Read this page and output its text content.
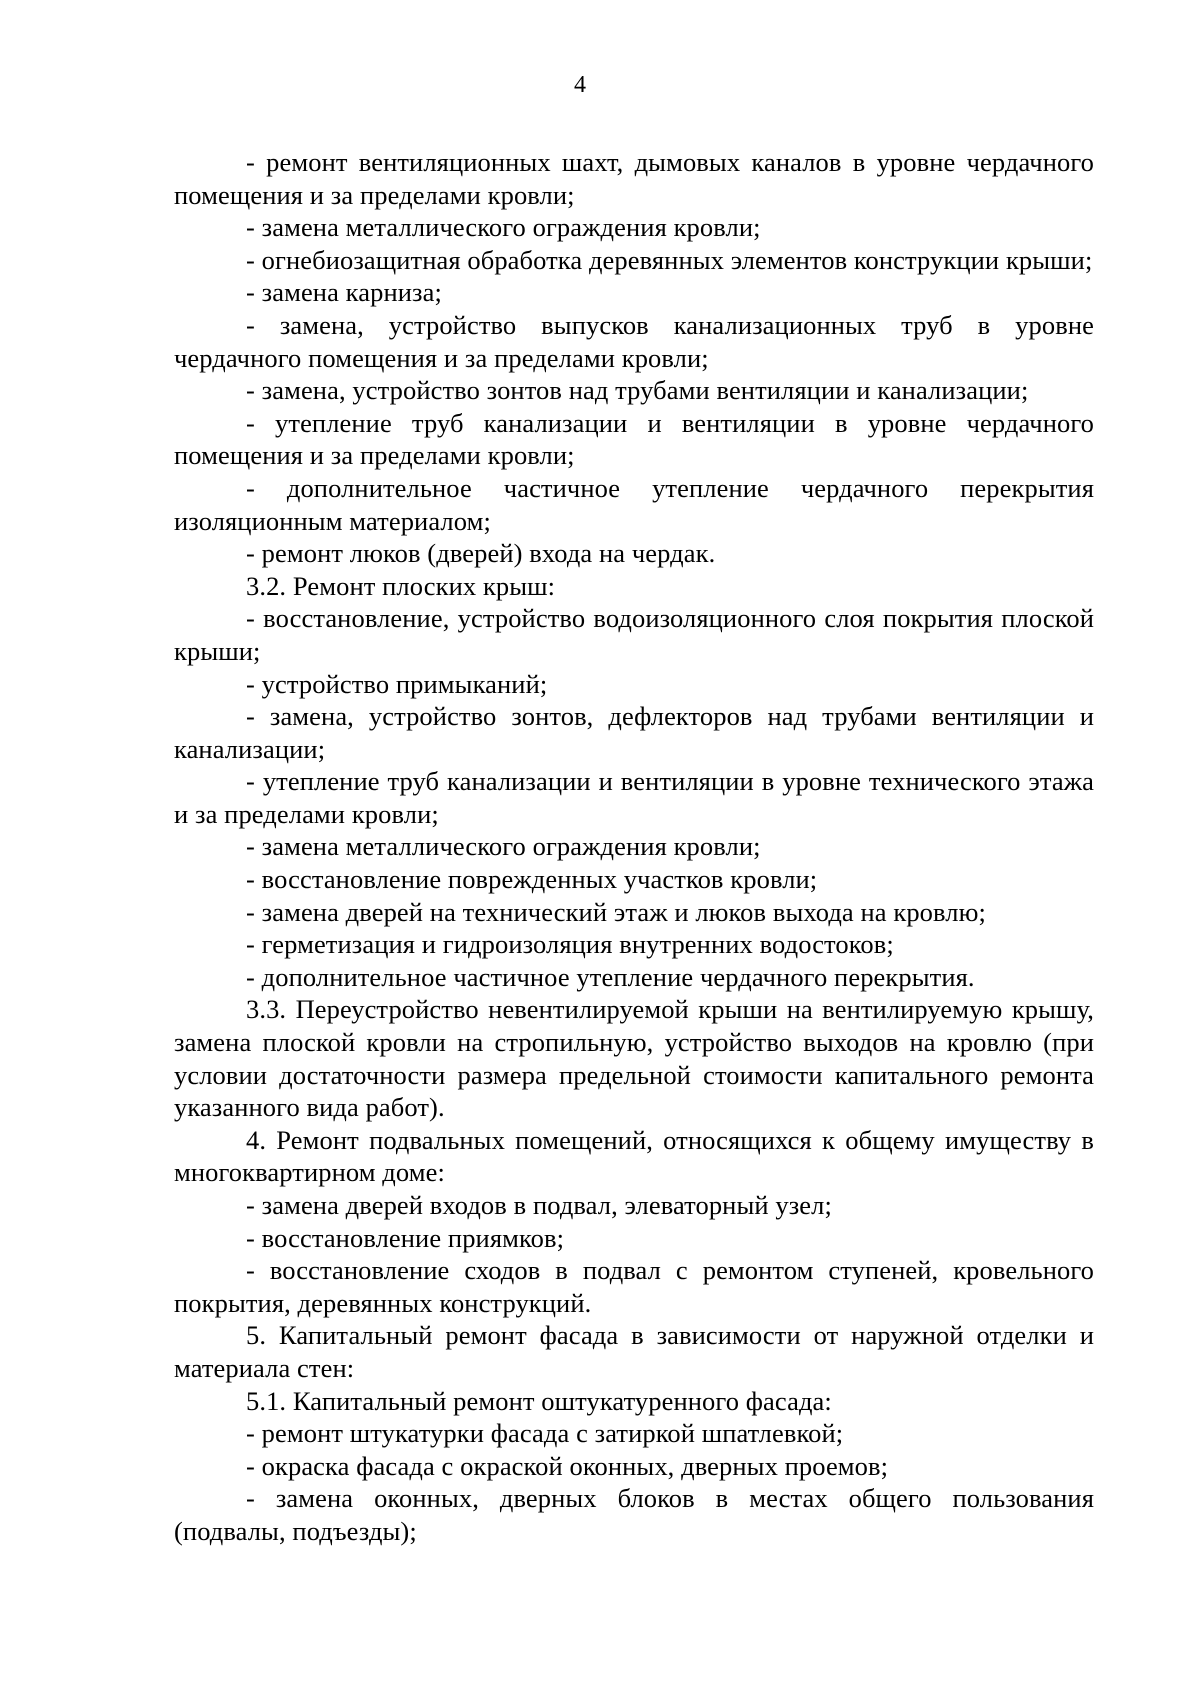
4

- ремонт вентиляционных шахт, дымовых каналов в уровне чердачного помещения и за пределами кровли;

- замена металлического ограждения кровли;

- огнебиозащитная обработка деревянных элементов конструкции крыши;

- замена карниза;

- замена, устройство выпусков канализационных труб в уровне чердачного помещения и за пределами кровли;

- замена, устройство зонтов над трубами вентиляции и канализации;

- утепление труб канализации и вентиляции в уровне чердачного помещения и за пределами кровли;

- дополнительное частичное утепление чердачного перекрытия изоляционным материалом;

- ремонт люков (дверей) входа на чердак.

3.2. Ремонт плоских крыш:

- восстановление, устройство водоизоляционного слоя покрытия плоской крыши;

- устройство примыканий;

- замена, устройство зонтов, дефлекторов над трубами вентиляции и канализации;

- утепление труб канализации и вентиляции в уровне технического этажа и за пределами кровли;

- замена металлического ограждения кровли;

- восстановление поврежденных участков кровли;

- замена дверей на технический этаж и люков выхода на кровлю;

- герметизация и гидроизоляция внутренних водостоков;

- дополнительное частичное утепление чердачного перекрытия.

3.3. Переустройство невентилируемой крыши на вентилируемую крышу, замена плоской кровли на стропильную, устройство выходов на кровлю (при условии достаточности размера предельной стоимости капитального ремонта указанного вида работ).

4. Ремонт подвальных помещений, относящихся к общему имуществу в многоквартирном доме:

- замена дверей входов в подвал, элеваторный узел;

- восстановление приямков;

- восстановление сходов в подвал с ремонтом ступеней, кровельного покрытия, деревянных конструкций.

5. Капитальный ремонт фасада в зависимости от наружной отделки и материала стен:

5.1. Капитальный ремонт оштукатуренного фасада:

- ремонт штукатурки фасада с затиркой шпатлевкой;

- окраска фасада с окраской оконных, дверных проемов;

- замена оконных, дверных блоков в местах общего пользования (подвалы, подъезды);
